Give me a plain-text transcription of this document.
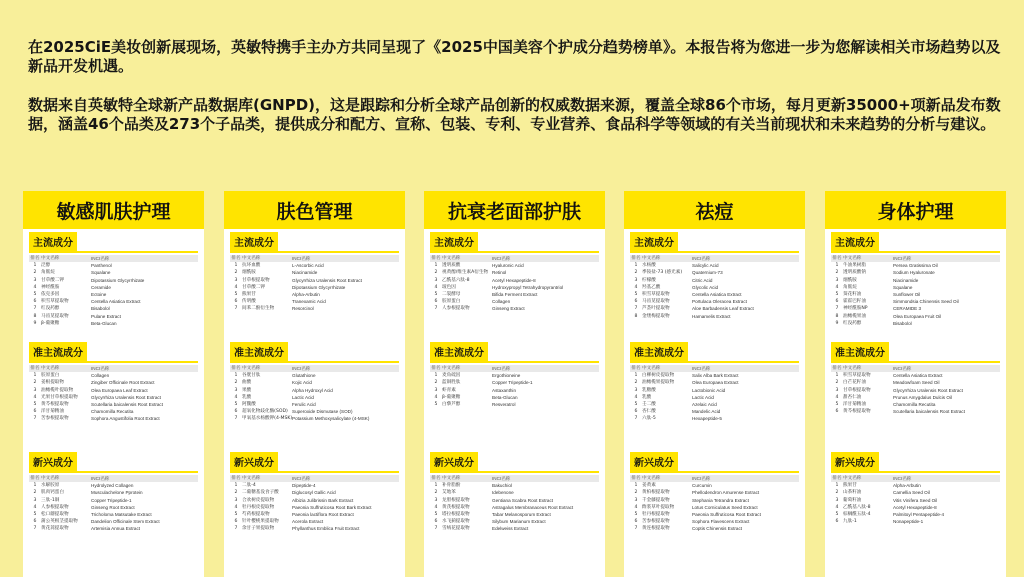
在2025CiE美妆创新展现场，英敏特携手主办方共同呈现了《2025中国美容个护成分趋势榜单》。本报告将为您进一步为您解读相关市场趋势以及新品开发机遇。

数据来自英敏特全球新产品数据库(GNPD)，这是跟踪和分析全球产品创新的权威数据来源，覆盖全球86个市场，每月更新35000+项新品发布数据，涵盖46个品类及273个子品类，提供成分和配方、宣称、包装、专利、专业营养、食品科学等领域的有关当前现状和未来趋势的分析与建议。

敏感肌肤护理
主流成分
排名 中文名称	INCI名称
1 泛醇	Panthenol
2 角鲨烷	Squalane
3 甘草酸二钾	Dipotassium Glycyrrhizate
4 神经酰胺	Ceramide
5 依克多因	Ectoine
6 积雪草提取物	Centella Asiatica Extract
7 红没药醇	Bisabolol
8 马齿苋提取物	Pulane Extract
9 β-葡聚糖	Beta-Glucan
准主流成分
排名 中文名称	INCI名称
1 胶原蛋白	Collagen
2 姜根提取物	Zingiber Officinale Root Extract
3 油橄榄叶提取物	Olea Europaea Leaf Extract
4 光果甘草根提取物	Glycyrrhiza Uralensis Root Extract
5 黄芩根提取物	Scutellaria baicalensis Root Extract
6 洋甘菊精油	Chamomilla Recutita
7 苦参根提取物	Sophora Angustifolia Root Extract
新兴成分
排名 中文名称	INCI名称
1 水解胶原	Hydrolyzed Collagen
2 肌肉钙蛋白	Musculachelone Pprotein
3 三肽-1铜	Copper Tripeptide-1
4 人参根提取物	Ginseng Root Extract
5 松口蘑提取物	Tricholoma Matsutake Extract
6 蒲公英根茎提取物	Dandelion Officinale Stem Extract
7 黄花蒿提取物	Artemisia Annua Extract
肤色管理
主流成分
排名 中文名称	INCI名称
1 抗坏血酸	L-Ascorbic Acid
2 烟酰胺	Niacinamide
3 甘草根提取物	Glycyrrhiza Uralensis Root Extract
4 甘草酸二钾	Dipotassium Glycyrrhizate
5 熊果苷	Alpha-Arbutin
6 传明酸	Tranexamic Acid
7 间苯二酚衍生物	Resorcinol
准主流成分
排名 中文名称	INCI名称
1 谷胱甘肽	Glutathione
2 曲酸	Kojic Acid
3 果酸	Alpha Hydroxyl Acid
4 乳酸	Lactic Acid
5 阿魏酸	Ferulic Acid
6 超氧化物歧化酶(SOD) Superoxide Dismutase (SOD)
7 甲氧基水杨酸钾(4-MSK) Potassium Methoxysalicylate (4-MSK)
新兴成分
排名 中文名称	INCI名称
1 二肽-4	Dipeptide-4
2 二葡糖基没食子酸	Diglucosyl Gallic Acid
3 合欢树皮提取物	Albizia Julibrissin Bark Extract
4 牡丹根皮提取物	Paeonia Suffruticosa Root Bark Extract
5 芍药根提取物	Paeonia lactiflora Root Extract
6 针叶樱桃果提取物	Acerola Extract
7 余甘子果提取物	Phyllanthus Emblica Fruit Extract
抗衰老面部护肤
主流成分
排名 中文名称	INCI名称
1 透明质酸	Hyaluronic Acid
2 视黄醇/维生素A衍生物 Retinol
3 乙酰基六肽-8	Acetyl Hexapeptide-8
4 玻色因	Hydroxypropyl Tetrahydropyrantriol
5 二裂酵母	Bifida Ferment Extract
6 胶原蛋白	Collagen
7 人参根提取物	Ginseng Extract
准主流成分
排名 中文名称	INCI名称
1 麦角硫因	Ergothioneine
2 蓝铜胜肽	Copper Tripeptide-1
3 虾青素	Astaxanthin
4 β-葡聚糖	Beta-Glucan
5 白藜芦醇	Resveratrol
新兴成分
排名 中文名称	INCI名称
1 补骨脂酚	Bakuchiol
2 艾地苯	Idebenone
3 龙胆根提取物	Gentiana Scabra Root Extract
4 黄芪根提取物	Astragalus Membranaceus Root Extract
5 塔拉根提取物	Tabar Melanosporum Extract
6 水飞蓟提取物	Silybum Marianum Extract
7 雪绒花提取物	Edelweiss Extract
祛痘
主流成分
排名 中文名称	INCI名称
1 水杨酸	Salicylic Acid
2 季铵盐-73 (感光素)	Quaternium-73
3 柠檬酸	Citric Acid
4 羟基乙酸	Glycolic Acid
5 积雪草提取物	Centella Asiatica Extract
6 马齿苋提取物	Portulaca Oleracea Extract
7 芦荟叶提取物	Aloe Barbadensis Leaf Extract
8 金缕梅提取物	Hamamelis Extract
准主流成分
排名 中文名称	INCI名称
1 白柳树皮提取物	Salix Alba Bark Extract
2 油橄榄果提取物	Olea Europaea Extract
3 乳糖酸	Lactobionic Acid
4 乳酸	Lactic Acid
5 壬二酸	Azelaic Acid
6 杏仁酸	Mandelic Acid
7 六肽-5	Hexapeptide-5
新兴成分
排名 中文名称	INCI名称
1 姜黄素	Curcumin
2 黄柏根提取物	Phellodendron Amurense Extract
3 千金藤提取物	Stephania Tetrandra Extract
4 酢浆草叶提取物	Lotus Corniculatus Seed Extract
5 牡丹根提取物	Paeonia Suffruticosa Root Extract
6 苦参根提取物	Sophora Flavescens Extract
7 黄连根提取物	Coptis Chinensis Extract
身体护理
主流成分
排名 中文名称	INCI名称
1 牛油果树脂	Persea Gratissima Oil
2 透明质酸钠	Sodium Hyaluronate
3 烟酰胺	Niacinamide
4 角鲨烷	Squalane
5 葵花籽油	Sunflower Oil
6 霍霍巴籽油	Simmondsia Chinensis Seed Oil
7 神经酰胺NP	CERAMIDE 3
8 油橄榄果油	Olea Europaea Fruit Oil
9 红没药醇	Bisabolol
准主流成分
排名 中文名称	INCI名称
1 积雪草提取物	Centella Asiatica Extract
2 白芒花籽油	Meadowfoam Seed Oil
3 甘草根提取物	Glycyrrhiza Uralensis Root Extract
4 甜杏仁油	Prunus Amygdalus Dulcis Oil
5 洋甘菊精油	Chamomilla Recutita
6 黄芩根提取物	Scutellaria baicalensis Root Extract
新兴成分
排名 中文名称	INCI名称
1 熊果苷	Alpha-Arbutin
2 山茶籽油	Camellia Seed Oil
3 葡萄籽油	Vitis Vinifera Seed Oil
4 乙酰基八肽-8	Acetyl Hexapeptide-8
5 棕榈酰五肽-4	Palmitoyl Pentapeptide-4
6 九肽-1	Nonapeptide-1
